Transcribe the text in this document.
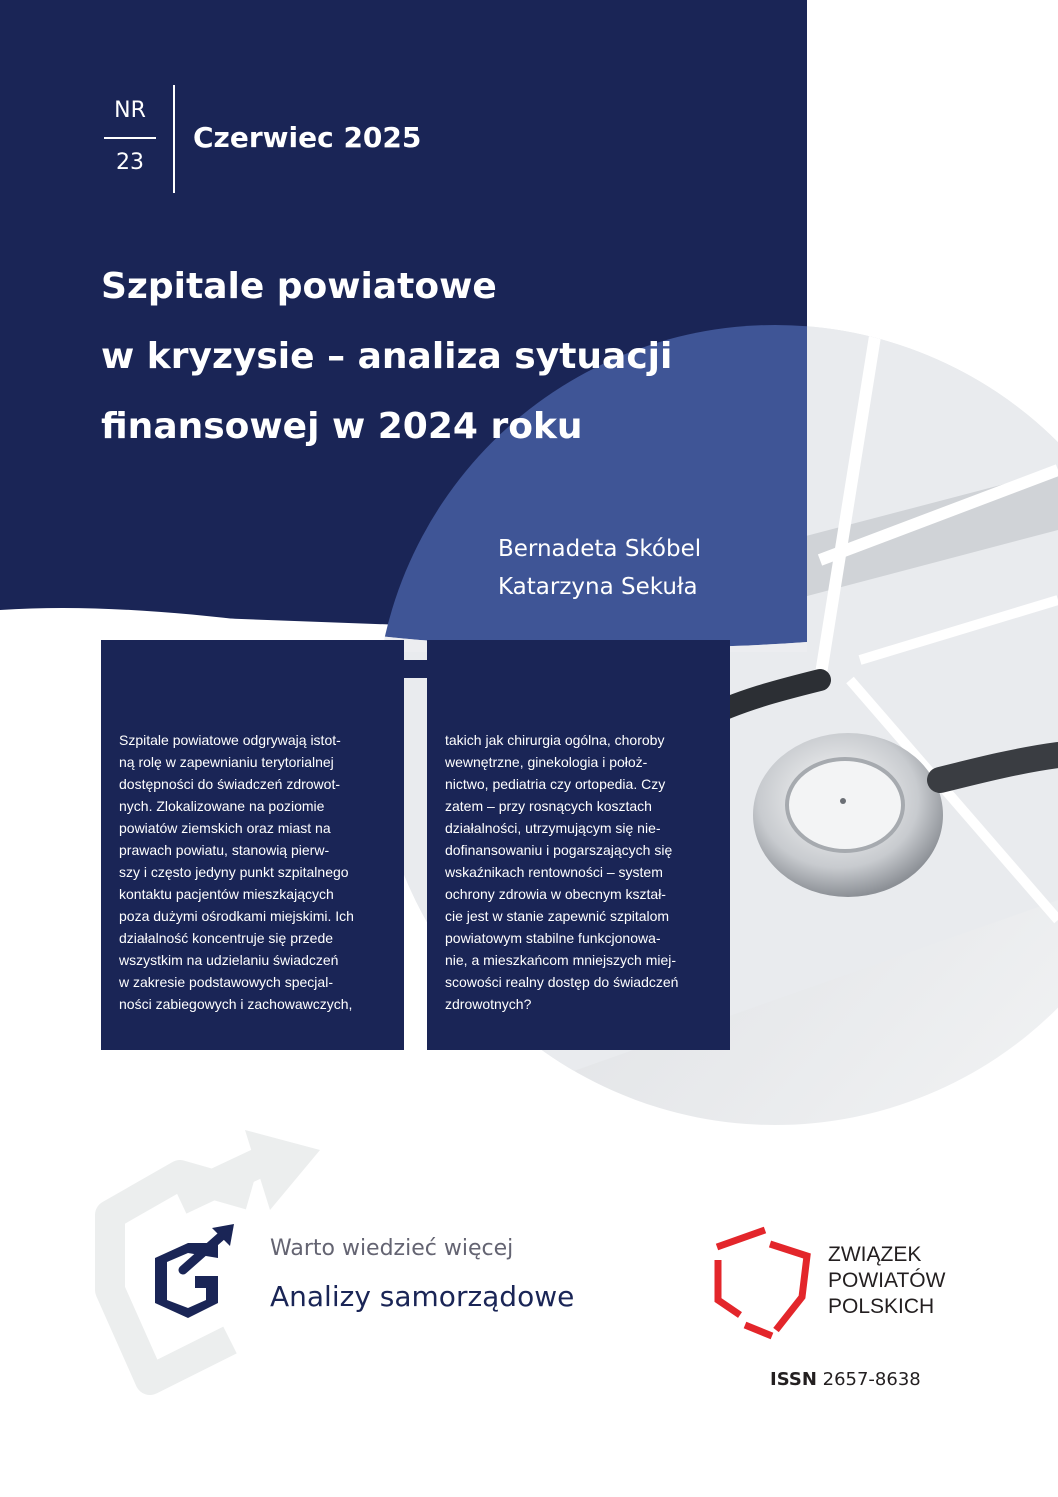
NR
23
Czerwiec 2025
Szpitale powiatowe
w kryzysie – analiza sytuacji
finansowej w 2024 roku
Bernadeta Skóbel
Katarzyna Sekuła
Szpitale powiatowe odgrywają istot-
ną rolę w zapewnianiu terytorialnej
dostępności do świadczeń zdrowot-
nych. Zlokalizowane na poziomie
powiatów ziemskich oraz miast na
prawach powiatu, stanowią pierw-
szy i często jedyny punkt szpitalnego
kontaktu pacjentów mieszkających
poza dużymi ośrodkami miejskimi. Ich
działalność koncentruje się przede
wszystkim na udzielaniu świadczeń
w zakresie podstawowych specjal-
ności zabiegowych i zachowawczych,
takich jak chirurgia ogólna, choroby
wewnętrzne, ginekologia i położ-
nictwo, pediatria czy ortopedia. Czy
zatem – przy rosnących kosztach
działalności, utrzymującym się nie-
dofinansowaniu i pogarszających się
wskaźnikach rentowności – system
ochrony zdrowia w obecnym kształ-
cie jest w stanie zapewnić szpitalom
powiatowym stabilne funkcjonowa-
nie, a mieszkańcom mniejszych miej-
scowości realny dostęp do świadczeń
zdrowotnych?
Warto wiedzieć więcej
Analizy samorządowe
ZWIĄZEK
POWIATÓW
POLSKICH
ISSN 2657-8638
